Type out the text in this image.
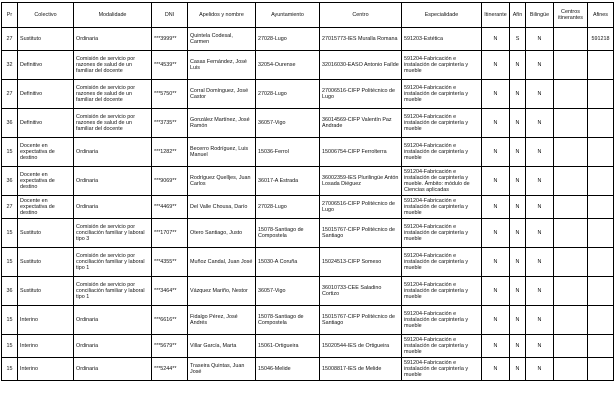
Pr	Colectivo	Modalidade	DNI	Apelidos y nombre	Ayuntamiento	Centro	Especialidade	Itinerante	Afín	Bilingüe	Centros itinerantes	Afines
27	Sustituto	Ordinaria	***3999**	Quintela Codesal, Carmen	27028-Lugo	27015773-IES Muralla Romana	591203-Estética	N	S	N		591218
32	Definitivo	Comisión de servicio por razones de salud de un familiar del docente	***4539**	Casas Fernández, José Luis	32054-Ourense	32016030-EASO Antonio Faílde	591204-Fabricación e instalación de carpintería y mueble	N	N	N		
27	Definitivo	Comisión de servicio por razones de salud de un familiar del docente	***5750**	Corral Domínguez, José Castor	27028-Lugo	27006516-CIFP Politécnico de Lugo	591204-Fabricación e instalación de carpintería y mueble	N	N	N		
36	Definitivo	Comisión de servicio por razones de salud de un familiar del docente	***3735**	González Martínez, José Ramón	36057-Vigo	36014569-CIFP Valentín Paz Andrade	591204-Fabricación e instalación de carpintería y mueble	N	N	N		
15	Docente en expectativa de destino	Ordinaria	***1282**	Becerro Rodríguez, Luis Manuel	15036-Ferrol	15006754-CIFP Ferrolterra	591204-Fabricación e instalación de carpintería y mueble	N	N	N		
36	Docente en expectativa de destino	Ordinaria	***9069**	Rodríguez Quelljes, Juan Carlos	36017-A Estrada	36002359-IES Plurilingüe Antón Losada Diéguez	591204-Fabricación e instalación de carpintería y mueble. Ámbito: módulo de Ciencias aplicadas	N	N	N		
27	Docente en expectativa de destino	Ordinaria	***4469**	Del Valle Chousa, Darío	27028-Lugo	27006516-CIFP Politécnico de Lugo	591204-Fabricación e instalación de carpintería y mueble	N	N	N		
15	Sustituto	Comisión de servicio por conciliación familiar y laboral tipo 3	***1707**	Otero Santiago, Justo	15078-Santiago de Compostela	15015767-CIFP Politécnico de Santiago	591204-Fabricación e instalación de carpintería y mueble	N	N	N		
15	Sustituto	Comisión de servicio por conciliación familiar y laboral tipo 1	***4355**	Muñoz Candal, Juan José	15030-A Coruña	15024513-CIFP Someso	591204-Fabricación e instalación de carpintería y mueble	N	N	N		
36	Sustituto	Comisión de servicio por conciliación familiar y laboral tipo 1	***3464**	Vázquez Mariño, Nestor	36057-Vigo	36010733-CEE Saladino Cortizo	591204-Fabricación e instalación de carpintería y mueble	N	N	N		
15	Interino	Ordinaria	***6616**	Fidalgo Pérez, José Andrés	15078-Santiago de Compostela	15015767-CIFP Politécnico de Santiago	591204-Fabricación e instalación de carpintería y mueble	N	N	N		
15	Interino	Ordinaria	***5679**	Villar García, Marta	15061-Ortigueira	15020544-IES de Ortigueira	591204-Fabricación e instalación de carpintería y mueble	N	N	N		
15	Interino	Ordinaria	***5244**	Traseira Quintas, Juan José	15046-Melide	15008817-IES de Melide	591204-Fabricación e instalación de carpintería y mueble	N	N	N		
